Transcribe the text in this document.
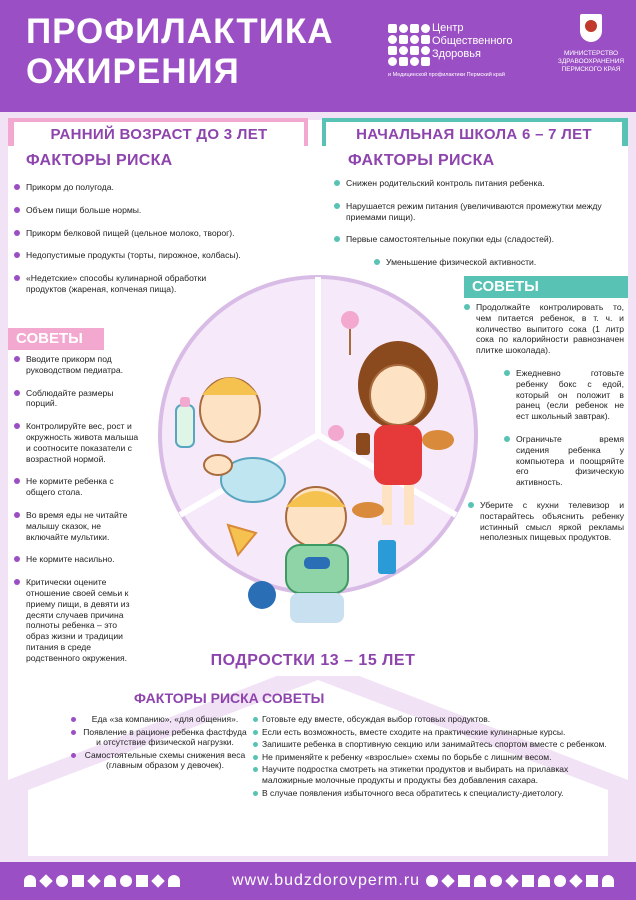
ПРОФИЛАКТИКА
ОЖИРЕНИЯ
Центр Общественного Здоровья
и Медицинской профилактики Пермский край
МИНИСТЕРСТВО ЗДРАВООХРАНЕНИЯ ПЕРМСКОГО КРАЯ
РАННИЙ ВОЗРАСТ ДО 3 ЛЕТ	НАЧАЛЬНАЯ ШКОЛА 6 – 7 ЛЕТ
ФАКТОРЫ РИСКА
Прикорм до полугода.
Объем пищи больше нормы.
Прикорм белковой пищей (цельное молоко, творог).
Недопустимые продукты (торты, пирожное, колбасы).
«Недетские» способы кулинарной обработки продуктов (жареная, копченая пища).
СОВЕТЫ
Вводите прикорм под руководством педиатра.
Соблюдайте размеры порций.
Контролируйте вес, рост и окружность живота малыша и соотносите показатели с возрастной нормой.
Не кормите ребенка с общего стола.
Во время еды не читайте малышу сказок, не включайте мультики.
Не кормите насильно.
Критически оцените отношение своей семьи к приему пищи, в девяти из десяти случаев причина полноты ребенка – это образ жизни и традиции питания в среде родственного окружения.
ФАКТОРЫ РИСКА
Снижен родительский контроль питания ребенка.
Нарушается режим питания (увеличиваются промежутки между приемами пищи).
Первые самостоятельные покупки еды (сладостей).
Уменьшение физической активности.
СОВЕТЫ
Продолжайте контролировать то, чем питается ребенок, в т. ч. и количество выпитого сока (1 литр сока по калорийности равнозначен плитке шоколада).
Ежедневно готовьте ребенку бокс с едой, который он положит в ранец (если ребенок не ест школьный завтрак).
Ограничьте время сидения ребенка у компьютера и поощряйте его физическую активность.
Уберите с кухни телевизор и постарайтесь объяснить ребенку истинный смысл яркой рекламы неполезных пищевых продуктов.
ПОДРОСТКИ 13 – 15 ЛЕТ
ФАКТОРЫ РИСКА СОВЕТЫ
Еда «за компанию», «для общения».
Появление в рационе ребенка фастфуда и отсутствие физической нагрузки.
Самостоятельные схемы снижения веса (главным образом у девочек).
Готовьте еду вместе, обсуждая выбор готовых продуктов.
Если есть возможность, вместе сходите на практические кулинарные курсы.
Запишите ребенка в спортивную секцию или занимайтесь спортом вместе с ребенком.
Не применяйте к ребенку «взрослые» схемы по борьбе с лишним весом.
Научите подростка смотреть на этикетки продуктов и выбирать на прилавках маложирные молочные продукты и продукты без добавления сахара.
В случае появления избыточного веса обратитесь к специалисту-диетологу.
www.budzdorovperm.ru
